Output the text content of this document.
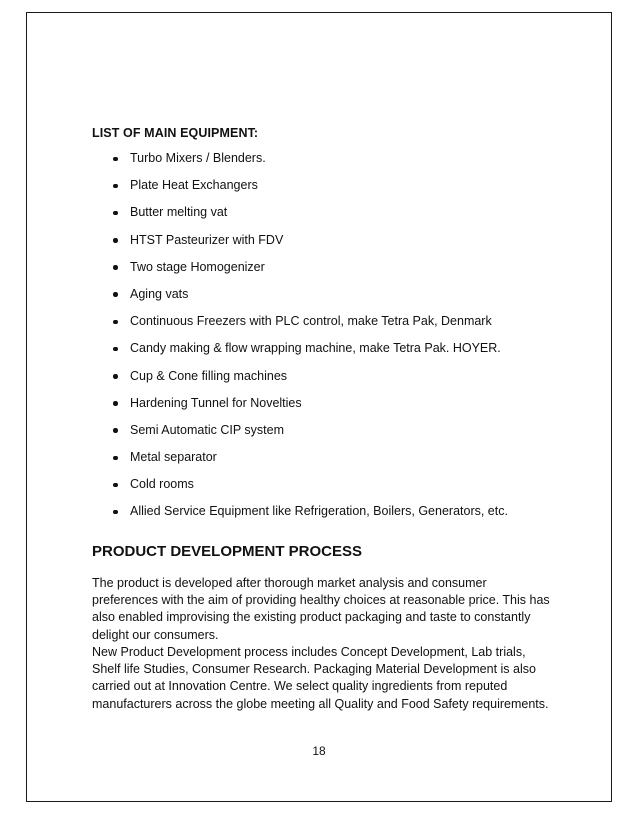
LIST OF MAIN EQUIPMENT:
Turbo Mixers / Blenders.
Plate Heat Exchangers
Butter melting vat
HTST Pasteurizer with FDV
Two stage Homogenizer
Aging vats
Continuous Freezers with PLC control, make Tetra Pak, Denmark
Candy making & flow wrapping machine, make Tetra Pak. HOYER.
Cup & Cone filling machines
Hardening Tunnel for Novelties
Semi Automatic CIP system
Metal separator
Cold rooms
Allied Service Equipment like Refrigeration, Boilers, Generators, etc.
PRODUCT DEVELOPMENT PROCESS

The product is developed after thorough market analysis and consumer preferences with the aim of providing healthy choices at reasonable price. This has also enabled improvising the existing product packaging and taste to constantly delight our consumers.

New Product Development process includes Concept Development, Lab trials, Shelf life Studies, Consumer Research. Packaging Material Development is also carried out at Innovation Centre. We select quality ingredients from reputed manufacturers across the globe meeting all Quality and Food Safety requirements.

18
